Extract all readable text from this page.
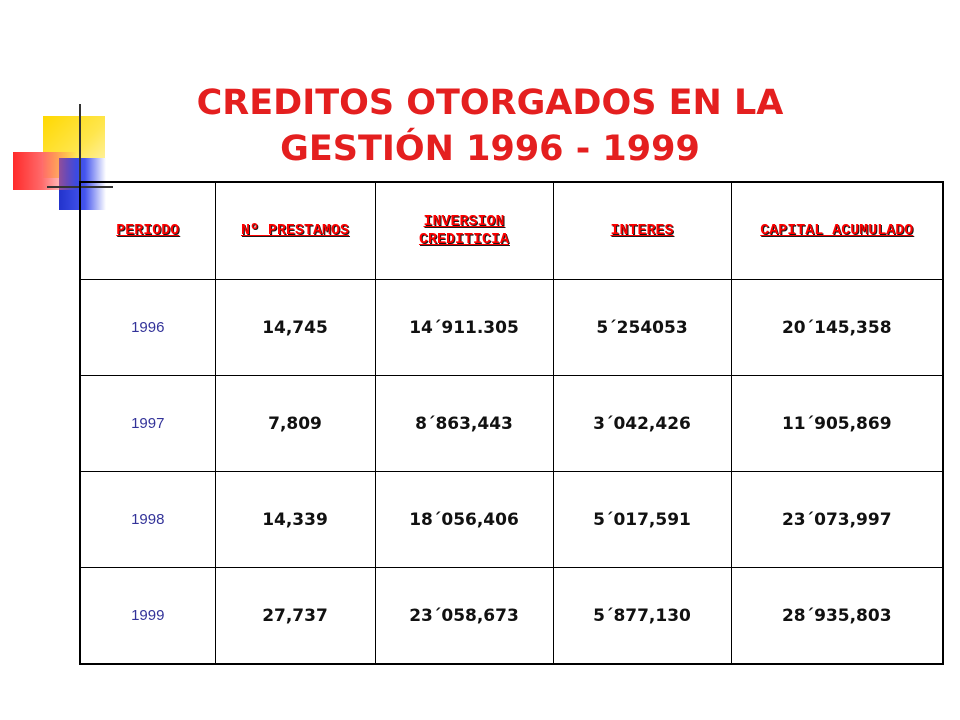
CREDITOS OTORGADOS EN LA
GESTIÓN 1996 - 1999
PERIODO	Nº PRESTAMOS	INVERSION CREDITICIA	INTERES	CAPITAL ACUMULADO
1996	14,745	14´911.305	5´254053	20´145,358
1997	7,809	8´863,443	3´042,426	11´905,869
1998	14,339	18´056,406	5´017,591	23´073,997
1999	27,737	23´058,673	5´877,130	28´935,803
